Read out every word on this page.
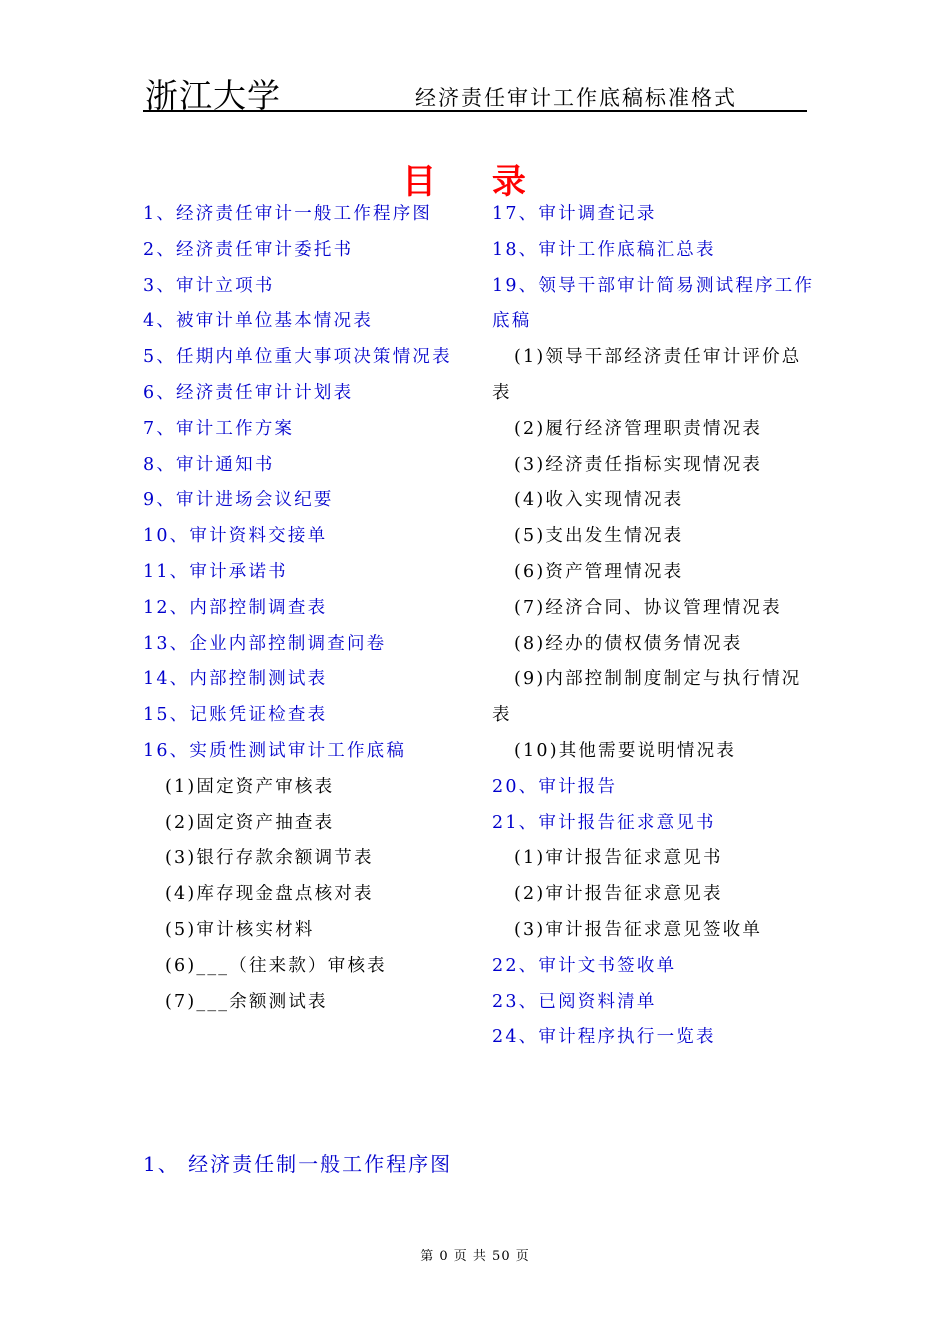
浙江大学	经济责任审计工作底稿标准格式
目 录
1、经济责任审计一般工作程序图
2、经济责任审计委托书
3、审计立项书
4、被审计单位基本情况表
5、任期内单位重大事项决策情况表
6、经济责任审计计划表
7、审计工作方案
8、审计通知书
9、审计进场会议纪要
10、审计资料交接单
11、审计承诺书
12、内部控制调查表
13、企业内部控制调查问卷
14、内部控制测试表
15、记账凭证检查表
16、实质性测试审计工作底稿
(1)固定资产审核表
(2)固定资产抽查表
(3)银行存款余额调节表
(4)库存现金盘点核对表
(5)审计核实材料
(6)___（往来款）审核表
(7)___余额测试表
17、审计调查记录
18、审计工作底稿汇总表
19、领导干部审计简易测试程序工作
底稿
(1)领导干部经济责任审计评价总
表
(2)履行经济管理职责情况表
(3)经济责任指标实现情况表
(4)收入实现情况表
(5)支出发生情况表
(6)资产管理情况表
(7)经济合同、协议管理情况表
(8)经办的债权债务情况表
(9)内部控制制度制定与执行情况
表
(10)其他需要说明情况表
20、审计报告
21、审计报告征求意见书
(1)审计报告征求意见书
(2)审计报告征求意见表
(3)审计报告征求意见签收单
22、审计文书签收单
23、已阅资料清单
24、审计程序执行一览表
1、 经济责任制一般工作程序图
第 0 页 共 50 页
